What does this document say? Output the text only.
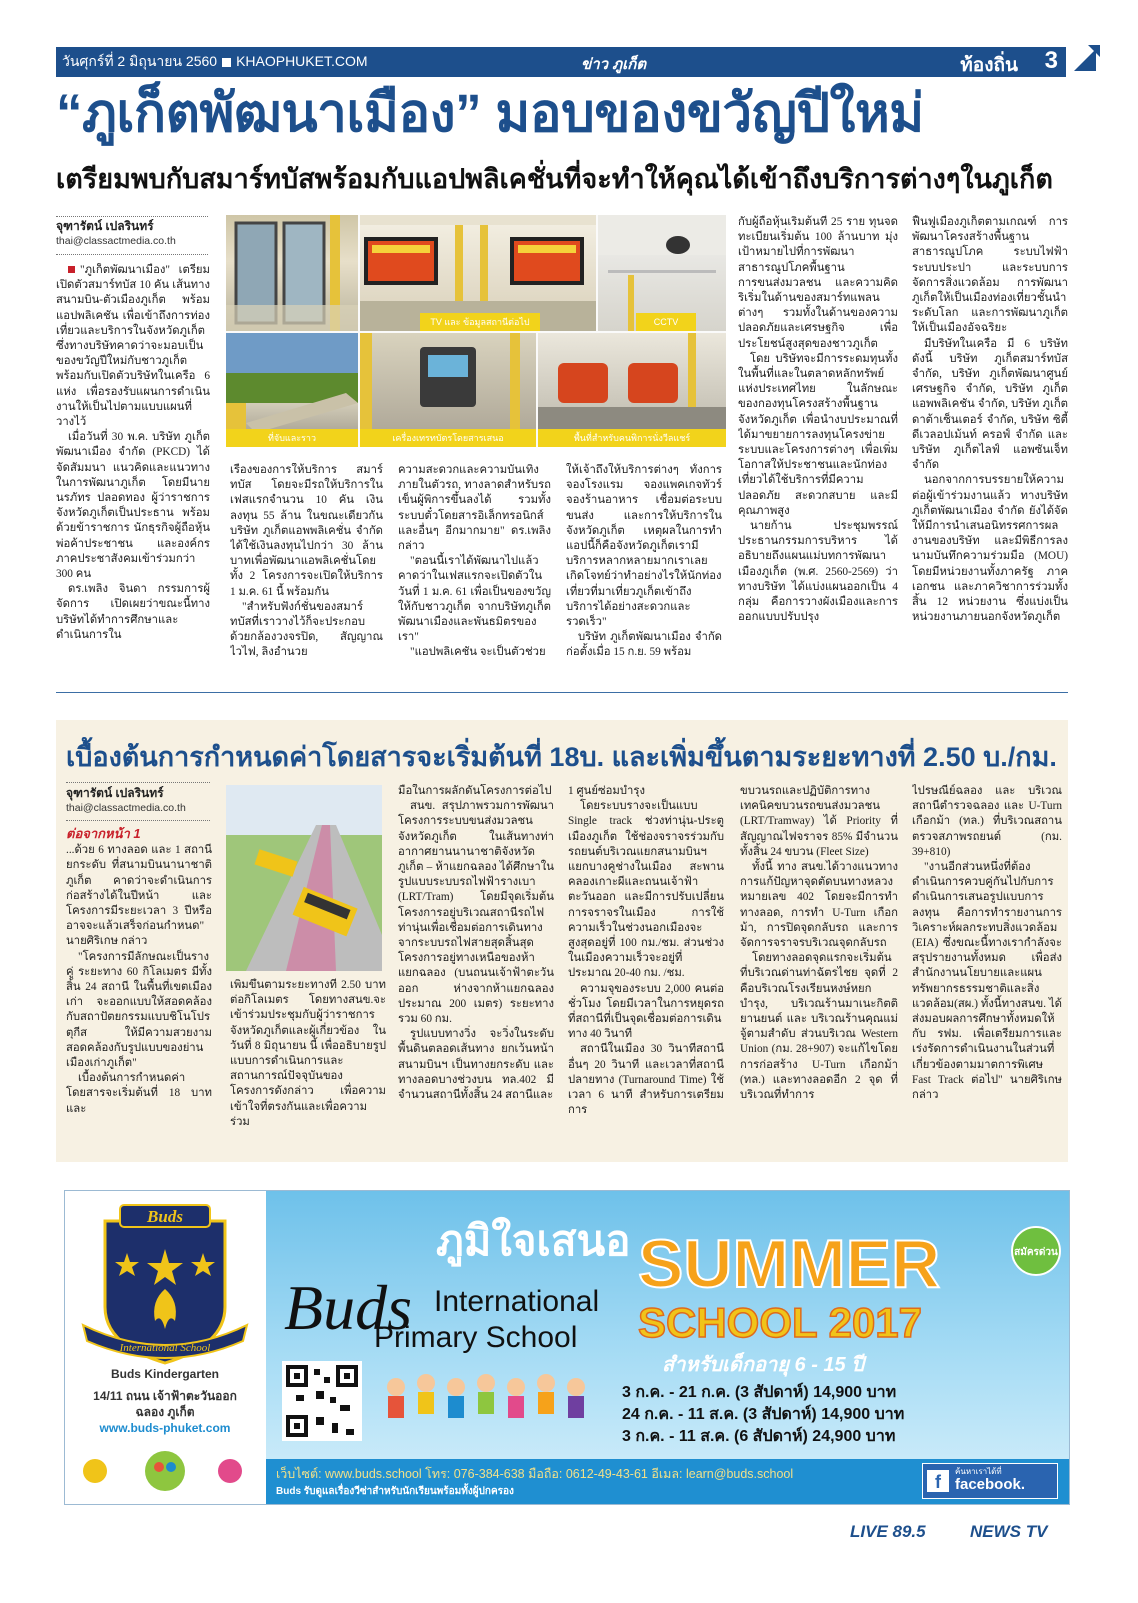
วันศุกร์ที่ 2 มิถุนายน 2560 KHAOPHUKET.COM	ข่าว ภูเก็ต	ท้องถิ่น 3
“ภูเก็ตพัฒนาเมือง” มอบของขวัญปีใหม่
เตรียมพบกับสมาร์ทบัสพร้อมกับแอปพลิเคชั่นที่จะทำให้คุณได้เข้าถึงบริการต่างๆในภูเก็ต
จุฑารัตน์ เปลรินทร์
thai@classactmedia.co.th

"ภูเก็ตพัฒนาเมือง" เตรียมเปิดตัวสมาร์ทบัส 10 คัน เส้นทางสนามบิน-ตัวเมืองภูเก็ต พร้อมแอปพลิเคชัน เพื่อเข้าถึงการท่องเที่ยวและบริการในจังหวัดภูเก็ตซึ่งทางบริษัทคาดว่าจะมอบเป็นของขวัญปีใหม่กับชาวภูเก็ต พร้อมกับเปิดตัวบริษัทในเครือ 6 แห่ง เพื่อรองรับแผนการดำเนินงานให้เป็นไปตามแบบแผนที่วางไว้

เมื่อวันที่ 30 พ.ค. บริษัท ภูเก็ตพัฒนาเมือง จำกัด (PKCD) ได้จัดสัมมนา แนวคิดและแนวทางในการพัฒนาภูเก็ต โดยมีนายนรภัทร ปลอดทอง ผู้ว่าราชการจังหวัดภูเก็ตเป็นประธาน พร้อมด้วยข้าราชการ นักธุรกิจผู้ถือหุ้น พ่อค้าประชาชน และองค์กรภาคประชาสังคมเข้าร่วมกว่า 300 คน

ดร.เพลิง จินดา กรรมการผู้จัดการ เปิดเผยว่าขณะนี้ทางบริษัทได้ทำการศึกษาและดำเนินการใน

TV และ ข้อมูลสถานีต่อไป	CCTV
ที่จับและราว	เครื่องเทรทบัตรโดยสารเสนอ	พื้นที่สำหรับคนพิการนั่งวีลแชร์

เรื่องของการให้บริการ สมาร์ทบัส โดยจะมีรถให้บริการในเฟสแรกจำนวน 10 คัน เงินลงทุน 55 ล้าน ในขณะเดียวกันบริษัท ภูเก็ตแอพพลิเคชั่น จำกัดได้ใช้เงินลงทุนไปกว่า 30 ล้านบาทเพื่อพัฒนาแอพลิเคชั่นโดยทั้ง 2 โครงการจะเปิดให้บริการ 1 ม.ค. 61 นี้ พร้อมกัน

"สำหรับฟังก์ชั่นของสมาร์ทบัสที่เราวางไว้ก็จะประกอบด้วยกล้องวงจรปิด, สัญญาณไวไฟ, ลิงอำนวย

ความสะดวกและความบันเทิงภายในตัวรถ, ทางลาดสำหรับรถเข็นผู้พิการขึ้นลงได้ รวมทั้งระบบตั๋วโดยสารอิเล็กทรอนิกส์และอื่นๆ อีกมากมาย" ดร.เพลิง กล่าว

"ตอนนี้เราได้พัฒนาไปแล้วคาดว่าในเฟสแรกจะเปิดตัวในวันที่ 1 ม.ค. 61 เพื่อเป็นของขวัญให้กับชาวภูเก็ต จากบริษัทภูเก็ตพัฒนาเมืองและพันธมิตรของเรา"

"แอปพลิเคชัน จะเป็นตัวช่วย

ให้เจ้าถึงให้บริการต่างๆ ทั้งการจองโรงแรม จองแพคเกจทัวร์ จองร้านอาหาร เชื่อมต่อระบบขนส่ง และการให้บริการในจังหวัดภูเก็ต เหตุผลในการทำแอปนี้ก็คือจังหวัดภูเก็ตเรามีบริการหลากหลายมากเราเลยเกิดโจทย์ว่าทำอย่างไรให้นักท่องเที่ยวที่มาเที่ยวภูเก็ตเข้าถึงบริการได้อย่างสะดวกและรวดเร็ว"

บริษัท ภูเก็ตพัฒนาเมือง จำกัด ก่อตั้งเมื่อ 15 ก.ย. 59 พร้อม

กับผู้ถือหุ้นเริ่มต้นที่ 25 ราย ทุนจดทะเบียนเริ่มต้น 100 ล้านบาท มุ่งเป้าหมายไปที่การพัฒนาสาธารณูปโภคพื้นฐานการขนส่งมวลชน และความคิดริเริ่มในด้านของสมาร์ทแพลนต่างๆ รวมทั้งในด้านของความปลอดภัยและเศรษฐกิจ เพื่อประโยชน์สูงสุดของชาวภูเก็ต

โดย บริษัทจะมีการระดมทุนทั้งในพื้นที่และในตลาดหลักทรัพย์แห่งประเทศไทย ในลักษณะของกองทุนโครงสร้างพื้นฐานจังหวัดภูเก็ต เพื่อนำงบประมาณที่ได้มาขยายการลงทุนโครงข่ายระบบและโครงการต่างๆ เพื่อเพิ่มโอกาสให้ประชาชนและนักท่องเที่ยวได้ใช้บริการที่มีความปลอดภัย สะดวกสบาย และมีคุณภาพสูง

นายก้าน ประชุมพรรณ์ประธานกรรมการบริหาร ได้อธิบายถึงแผนแม่บทการพัฒนาเมืองภูเก็ต (พ.ศ. 2560-2569) ว่า ทางบริษัท ได้แบ่งแผนออกเป็น 4 กลุ่ม คือการวางผังเมืองและการออกแบบปรับปรุง

ฟื้นฟูเมืองภูเก็ตตามเกณฑ์ การพัฒนาโครงสร้างพื้นฐาน สาธารณูปโภค ระบบไฟฟ้า ระบบประปา และระบบการจัดการสิ่งแวดล้อม การพัฒนาภูเก็ตให้เป็นเมืองท่องเที่ยวชั้นนำระดับโลก และการพัฒนาภูเก็ตให้เป็นเมืองอัจฉริยะ

มีบริษัทในเครือ มี 6 บริษัท ดังนี้ บริษัท ภูเก็ตสมาร์ทบัส จำกัด, บริษัท ภูเก็ตพัฒนาศูนย์เศรษฐกิจ จำกัด, บริษัท ภูเก็ตแอพพลิเคชัน จำกัด, บริษัท ภูเก็ตดาต้าเซ็นเตอร์ จำกัด, บริษัท ซิตี้ดีเวลอปเม้นท์ ครอฟ์ จำกัด และบริษัท ภูเก็ตไลฟ์ แอพซันเจ็ท จำกัด

นอกจากการบรรยายให้ความต่อผู้เข้าร่วมงานแล้ว ทางบริษัท ภูเก็ตพัฒนาเมือง จำกัด ยังได้จัดให้มีการนำเสนอนิทรรศการผลงานของบริษัท และมีพิธีการลงนามบันทึกความร่วมมือ (MOU) โดยมีหน่วยงานทั้งภาครัฐ ภาคเอกชน และภาควิชาการร่วมทั้งสิ้น 12 หน่วยงาน ซึ่งแบ่งเป็นหน่วยงานภายนอกจังหวัดภูเก็ต

เบื้องต้นการกำหนดค่าโดยสารจะเริ่มต้นที่ 18บ. และเพิ่มขึ้นตามระยะทางที่ 2.50 บ./กม.
จุฑารัตน์ เปลรินทร์
thai@classactmedia.co.th
ต่อจากหน้า 1

...ด้วย 6 ทางลอด และ 1 สถานียกระดับ ที่สนามบินนานาชาติภูเก็ต คาดว่าจะดำเนินการก่อสร้างได้ในปีหน้า และโครงการมีระยะเวลา 3 ปีหรืออาจจะแล้วเสร็จก่อนกำหนด" นายศิริเกษ กล่าว

"โครงการมีลักษณะเป็นรางคู่ ระยะทาง 60 กิโลเมตร มีทั้งสิ้น 24 สถานี ในพื้นที่เขตเมืองเก่า จะออกแบบให้สอดคล้องกับสถาปัตยกรรมแบบชิโนโปรตุกีส ให้มีความสวยงามสอดคล้องกับรูปแบบของย่านเมืองเก่าภูเก็ต"

เบื้องต้นการกำหนดค่าโดยสารจะเริ่มต้นที่ 18 บาท และ

เพิ่มขึ้นตามระยะทางที่ 2.50 บาทต่อกิโลเมตร โดยทางสนข.จะเข้าร่วมประชุมกับผู้ว่าราชการจังหวัดภูเก็ตและผู้เกี่ยวข้อง ในวันที่ 8 มิถุนายน นี้ เพื่ออธิบายรูปแบบการดำเนินการและสถานการณ์ปัจจุบันของโครงการดังกล่าว เพื่อความเข้าใจที่ตรงกันและเพื่อความร่วม

มือในการผลักดันโครงการต่อไป

สนข. สรุปภาพรวมการพัฒนาโครงการระบบขนส่งมวลชนจังหวัดภูเก็ต ในเส้นทางท่าอากาศยานนานาชาติจังหวัดภูเก็ต – ห้าแยกฉลอง ได้ศึกษาในรูปแบบระบบรถไฟฟ้ารางเบา (LRT/Tram) โดยมีจุดเริ่มต้นโครงการอยู่บริเวณสถานีรถไฟท่านุ่นเพื่อเชื่อมต่อการเดินทางจากระบบรถไฟสายสุดสิ้นสุดโครงการอยู่ทางเหนือของห้าแยกฉลอง (บนถนนเจ้าฟ้าตะวันออก ห่างจากห้าแยกฉลอง ประมาณ 200 เมตร) ระยะทางรวม 60 กม.

รูปแบบทางวิ่ง จะวิ่งในระดับพื้นดินตลอดเส้นทาง ยกเว้นหน้าสนามบินฯ เป็นทางยกระดับ และทางลอดบางช่วงบน ทล.402 มีจำนวนสถานีทั้งสิ้น 24 สถานีและ

1 ศูนย์ซ่อมบำรุง

โดยระบบรางจะเป็นแบบ Single track ช่วงท่านุ่น-ประตูเมืองภูเก็ต ใช้ช่องจราจรร่วมกับรถยนต์บริเวณแยกสนามบินฯ แยกบางคูช่างในเมือง สะพานคลองเกาะผีและถนนเจ้าฟ้าตะวันออก และมีการปรับเปลี่ยนการจราจรในเมือง การใช้ความเร็วในช่วงนอกเมืองจะสูงสุดอยู่ที่ 100 กม./ชม. ส่วนช่วงในเมืองความเร็วจะอยู่ที่ประมาณ 20-40 กม. /ชม.

ความจุของระบบ 2,000 คนต่อชั่วโมง โดยมีเวลาในการหยุดรถที่สถานีที่เป็นจุดเชื่อมต่อการเดินทาง 40 วินาที

สถานีในเมือง 30 วินาทีสถานีอื่นๆ 20 วินาที และเวลาที่สถานีปลายทาง (Turnaround Time) ใช้เวลา 6 นาที สำหรับการเตรียมการ

ขบวนรถและปฏิบัติการทางเทคนิคขบวนรถขนส่งมวลชน (LRT/Tramway) ได้ Priority ที่สัญญาณไฟจราจร 85% มีจำนวนทั้งสิ้น 24 ขบวน (Fleet Size)

ทั้งนี้ ทาง สนข.ได้วางแนวทางการแก้ปัญหาจุดตัดบนทางหลวงหมายเลข 402 โดยจะมีการทำทางลอด, การทำ U-Turn เกือกม้า, การปิดจุดกลับรถ และการจัดการจราจรบริเวณจุดกลับรถ

โดยทางลอดจุดแรกจะเริ่มต้นที่บริเวณด่านท่าฉัตรไชย จุดที่ 2 คือบริเวณโรงเรียนหงษ์หยกบำรุง, บริเวณร้านมาเนะกิตติยานยนต์ และ บริเวณร้านคุณแม่จู้ตามสำดับ ส่วนบริเวณ Western Union (กม. 28+907) จะแก้ไขโดยการก่อสร้าง U-Turn เกือกม้า (ทล.) และทางลอดอีก 2 จุด ที่บริเวณที่ทำการ

ไปรษณีย์ฉลอง และ บริเวณสถานีตำรวจฉลอง และ U-Turn เกือกม้า (ทล.) ที่บริเวณสถานตรวจสภาพรถยนต์ (กม. 39+810)

"งานอีกส่วนหนึ่งที่ต้องดำเนินการควบคู่กันไปกับการดำเนินการเสนอรูปแบบการลงทุน คือการทำรายงานการวิเคราะห์ผลกระทบสิ่งแวดล้อม (EIA) ซึ่งขณะนี้ทางเรากำลังจะสรุปรายงานทั้งหมด เพื่อส่งสำนักงานนโยบายและแผนทรัพยากรธรรมชาติและสิ่งแวดล้อม(สผ.) ทั้งนี้ทางสนข. ได้ส่งมอบผลการศึกษาทั้งหมดให้กับ รฟม. เพื่อเตรียมการและเร่งรัดการดำเนินงานในส่วนที่เกี่ยวข้องตามมาตการพิเศษ Fast Track ต่อไป" นายศิริเกษ กล่าว

Buds
International School
Buds Kindergarten
14/11 ถนน เจ้าฟ้าตะวันออก
ฉลอง ภูเก็ต
www.buds-phuket.com
ภูมิใจเสนอ
Buds International
Primary School
SUMMER
SCHOOL 2017
สมัครด่วน
สำหรับเด็กอายุ 6 - 15 ปี
3 ก.ค. - 21 ก.ค. (3 สัปดาห์) 14,900 บาท
24 ก.ค. - 11 ส.ค. (3 สัปดาห์) 14,900 บาท
3 ก.ค. - 11 ส.ค. (6 สัปดาห์) 24,900 บาท
เว็บไซต์: www.buds.school โทร: 076-384-638 มือถือ: 0612-49-43-61 อีเมล: learn@buds.school
Buds รับดูแลเรื่องวีซ่าสำหรับนักเรียนพร้อมทั้งผู้ปกครอง	f
ค้นหาเราได้ที่
facebook.
LIVE 89.5	NEWS TV
